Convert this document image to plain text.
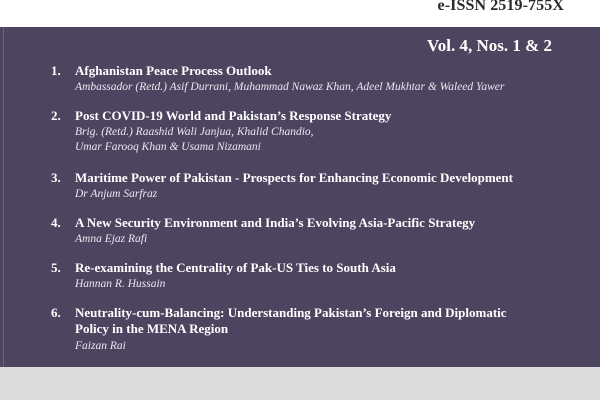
e-ISSN 2519-755X
Vol. 4, Nos. 1 & 2
1. Afghanistan Peace Process Outlook
Ambassador (Retd.) Asif Durrani, Muhammad Nawaz Khan, Adeel Mukhtar & Waleed Yawer
2. Post COVID-19 World and Pakistan’s Response Strategy
Brig. (Retd.) Raashid Wali Janjua, Khalid Chandio,
Umar Farooq Khan & Usama Nizamani
3. Maritime Power of Pakistan - Prospects for Enhancing Economic Development
Dr Anjum Sarfraz
4. A New Security Environment and India’s Evolving Asia-Pacific Strategy
Amna Ejaz Rafi
5. Re-examining the Centrality of Pak-US Ties to South Asia
Hannan R. Hussain
6. Neutrality-cum-Balancing: Understanding Pakistan’s Foreign and Diplomatic
Policy in the MENA Region
Faizan Rai
